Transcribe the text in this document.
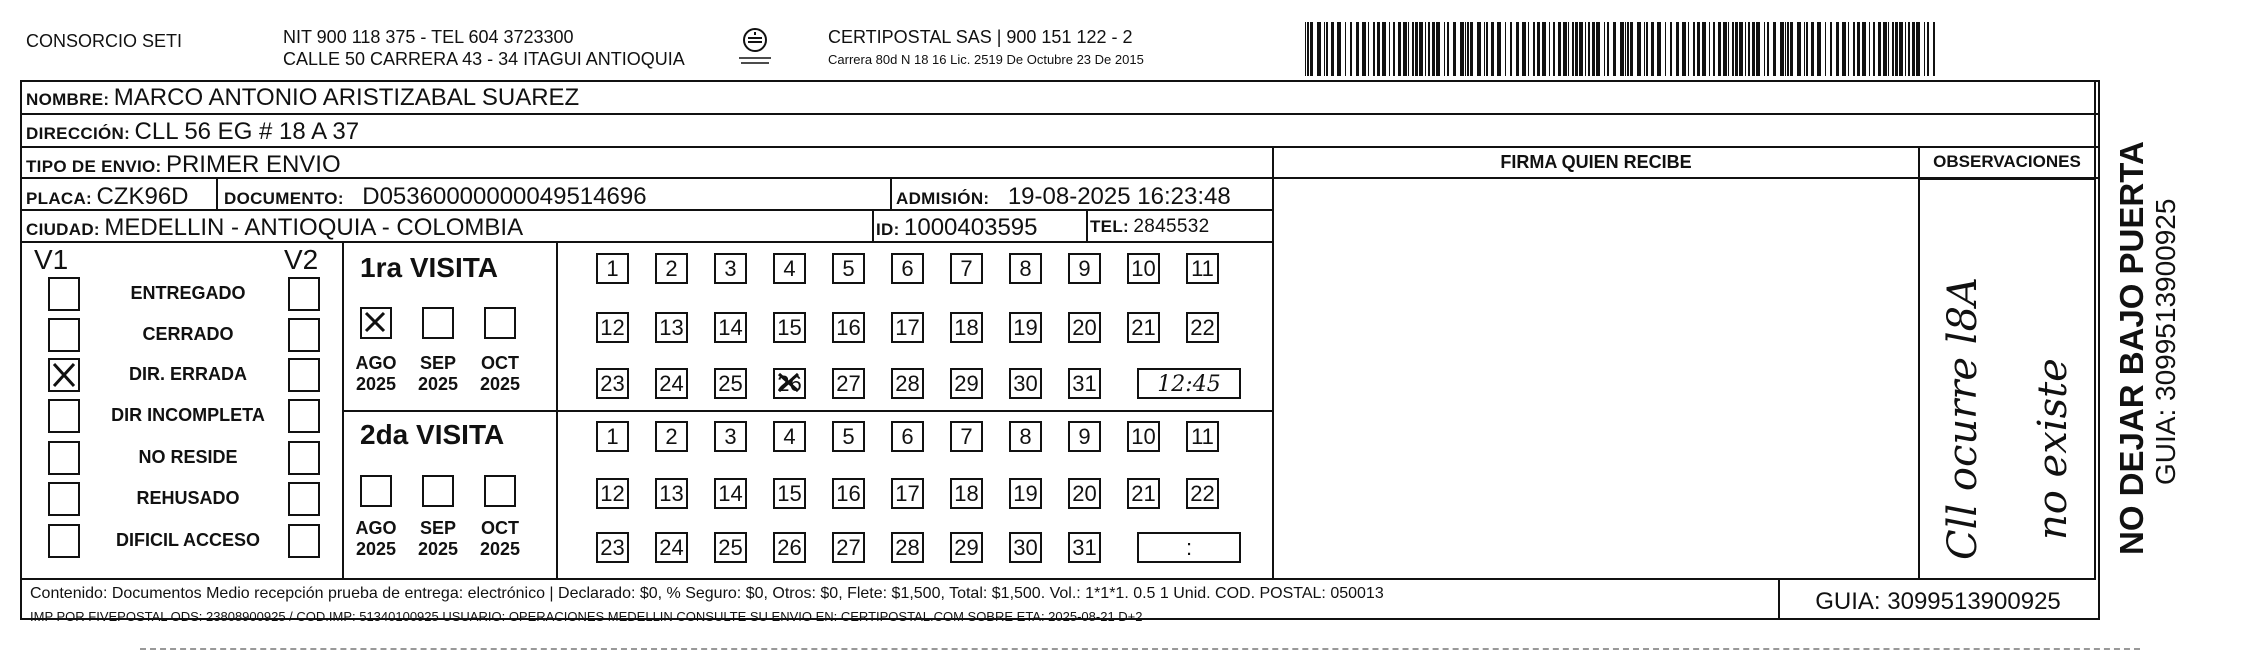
CONSORCIO SETI	NIT 900 118 375 - TEL 604 3723300
CALLE 50 CARRERA 43 - 34 ITAGUI ANTIOQUIA
CERTIPOSTAL SAS | 900 151 122 - 2
Carrera 80d N 18 16 Lic. 2519 De Octubre 23 De 2015
NOMBRE: MARCO ANTONIO ARISTIZABAL SUAREZ
DIRECCIÓN: CLL 56 EG # 18 A 37
TIPO DE ENVIO: PRIMER ENVIO	FIRMA QUIEN RECIBE	OBSERVACIONES
PLACA: CZK96D DOCUMENTO: D05360000000049514696	ADMISIÓN: 19-08-2025 16:23:48
CIUDAD: MEDELLIN - ANTIOQUIA - COLOMBIA	ID: 1000403595	TEL: 2845532
V1	V2
ENTREGADO
CERRADO
DIR. ERRADA
DIR INCOMPLETA
NO RESIDE
REHUSADO
DIFICIL ACCESO
1ra VISITA
2da VISITA
AGO
2025
SEP
2025
OCT
2025
1	2	3	4	5	6	7	8	9	10 11
12 13 14 15 16 17 18 19 20 21 22
23 24 25 26 27 28 29 30 31	12:45
AGO
2025
SEP
2025
OCT
2025
1	2	3	4	5	6	7	8	9	10 11
12 13 14 15 16 17 18 19 20 21 22
23 24 25 26 27 28 29 30 31	:	Cll ocurre l8A no existe
Contenido: Documentos Medio recepción prueba de entrega: electrónico | Declarado: $0, % Seguro: $0, Otros: $0, Flete: $1,500, Total: $1,500. Vol.: 1*1*1. 0.5 1 Unid. COD. POSTAL: 050013
IMP POR FIVEPOSTAL ODS: 23808900925 / COD.IMP: 51340100925 USUARIO: OPERACIONES MEDELLIN CONSULTE SU ENVIO EN: CERTIPOSTAL.COM SOBRE ETA: 2025-08-21 D+2
GUIA: 3099513900925
NO DEJAR BAJO PUERTA GUIA: 3099513900925
